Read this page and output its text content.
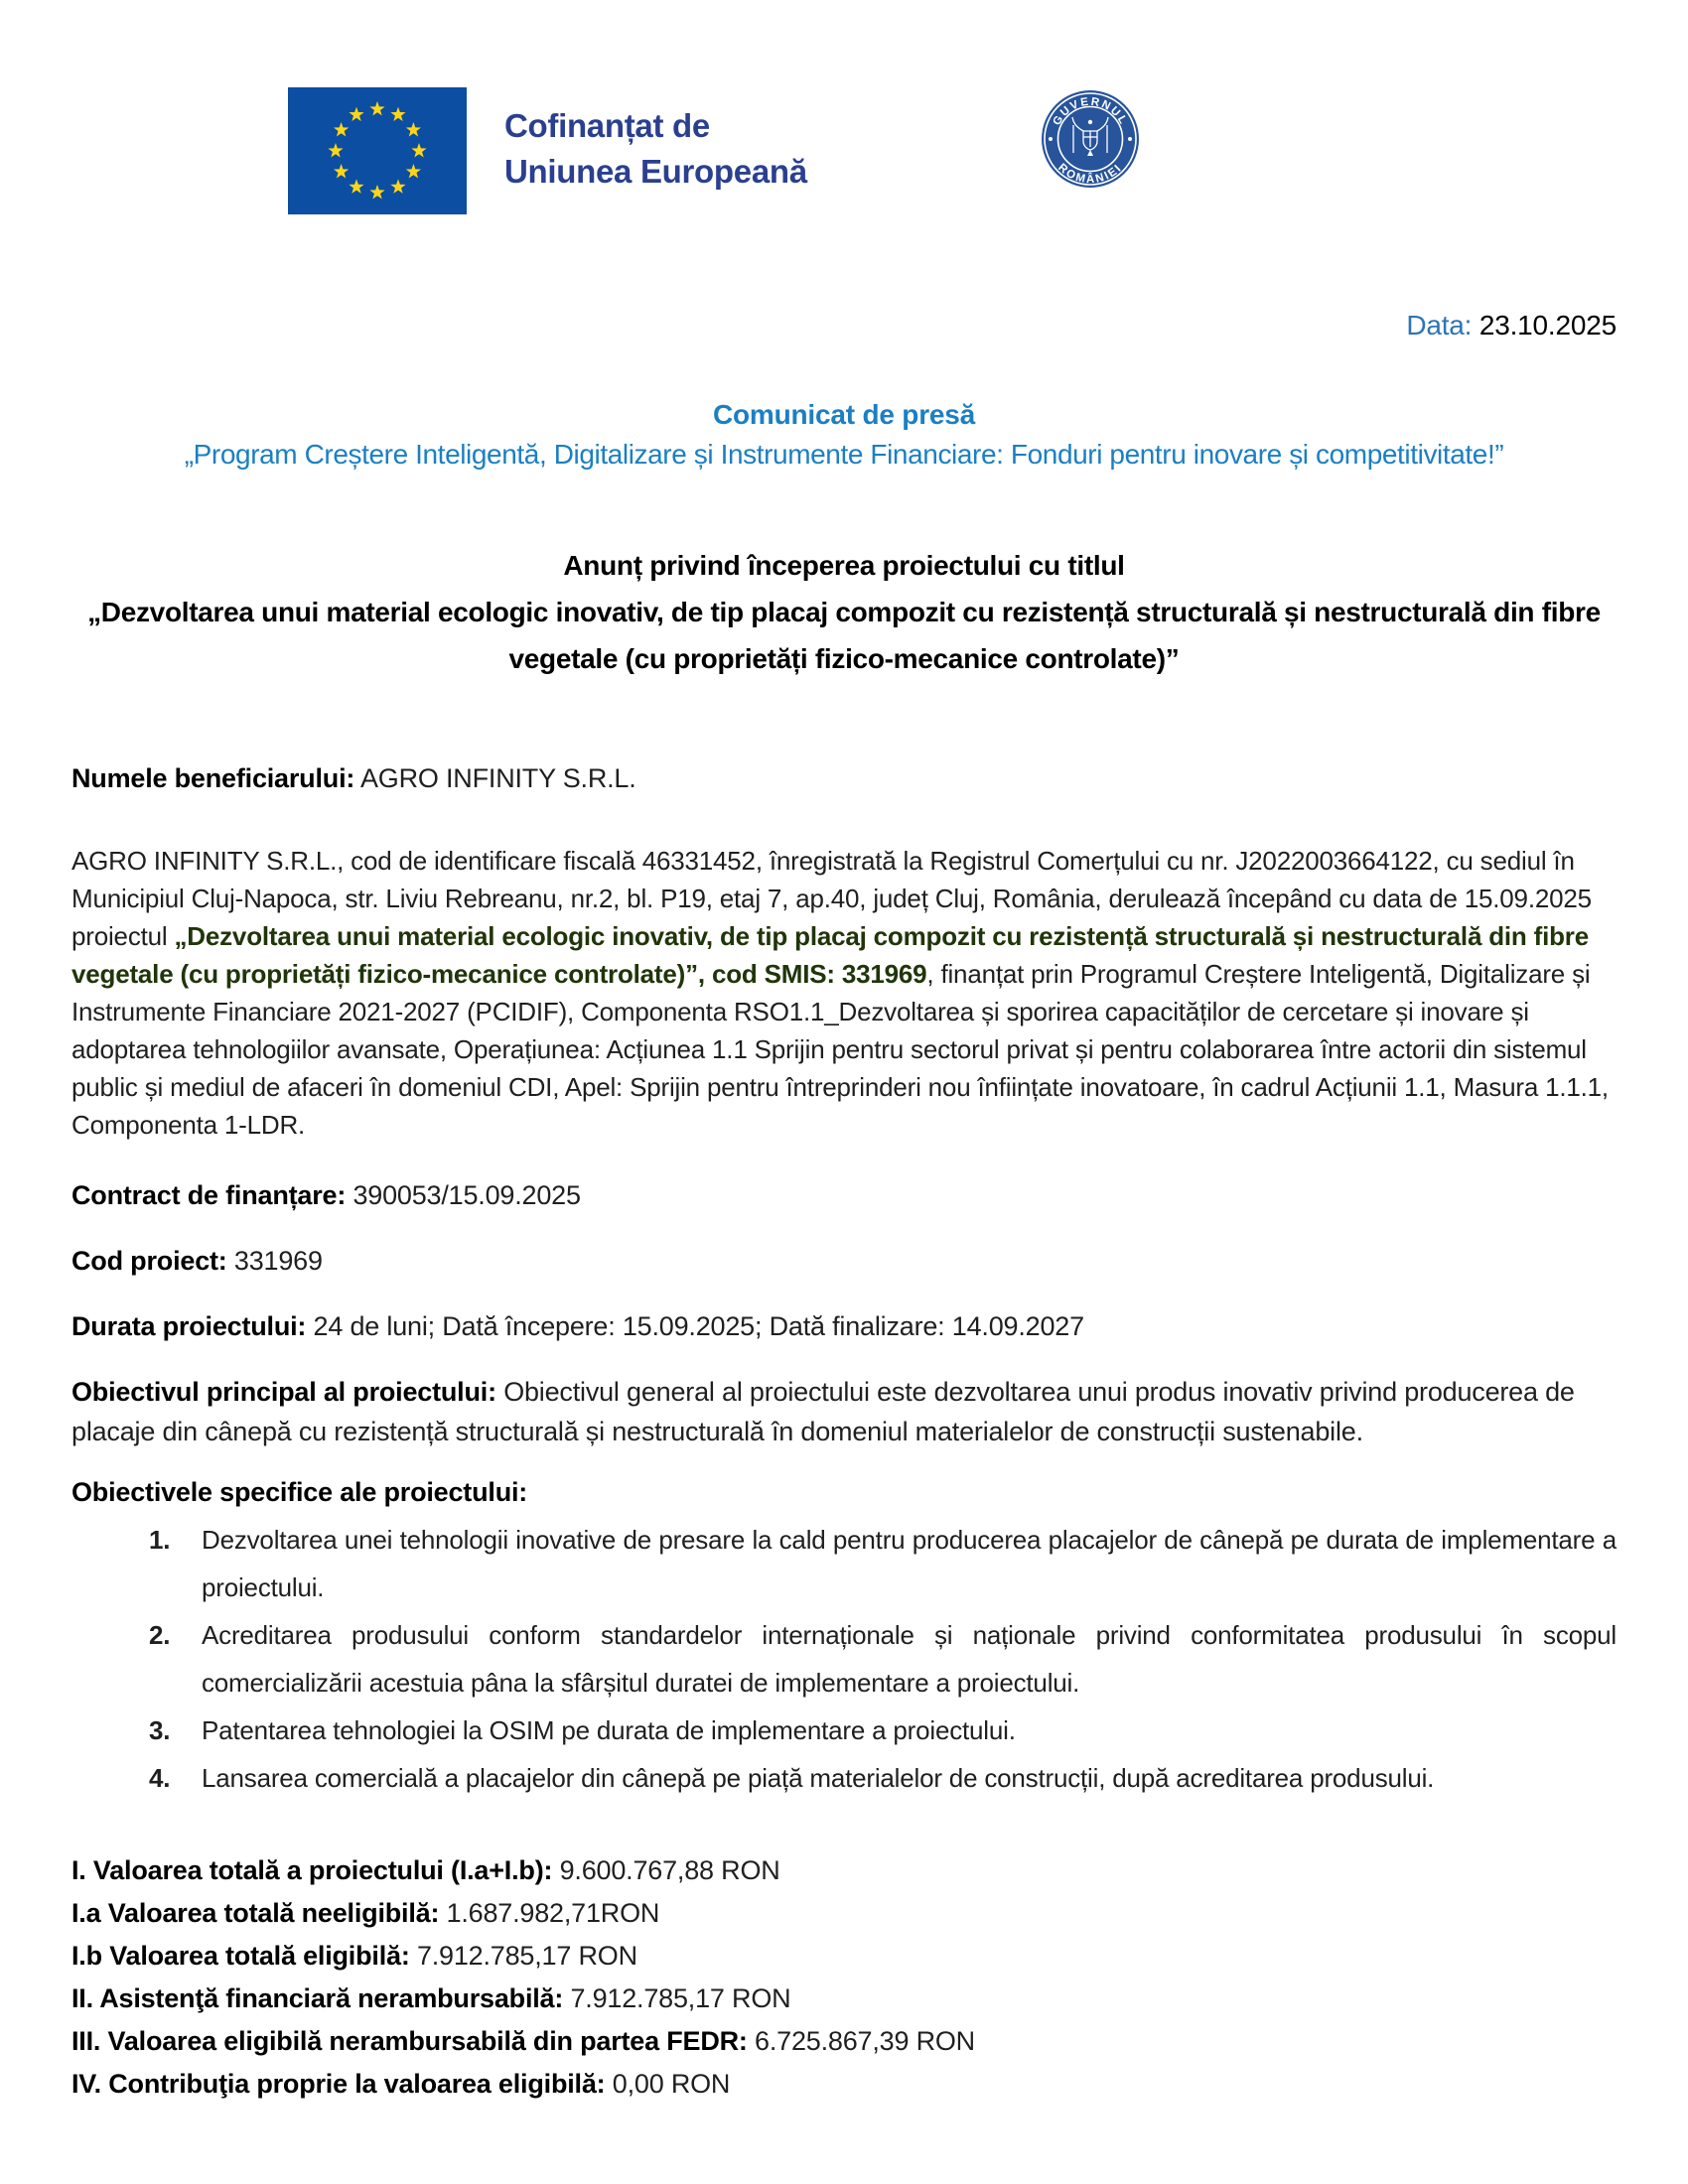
Cofinanțat de
Uniunea Europeană
GUVERNUL
ROMÂNIEI
Data: 23.10.2025
Comunicat de presă
„Program Creștere Inteligentă, Digitalizare și Instrumente Financiare: Fonduri pentru inovare și competitivitate!”
Anunț privind începerea proiectului cu titlul
„Dezvoltarea unui material ecologic inovativ, de tip placaj compozit cu rezistență structurală și nestructurală din fibre vegetale (cu proprietăți fizico-mecanice controlate)”

Numele beneficiarului: AGRO INFINITY S.R.L.

AGRO INFINITY S.R.L., cod de identificare fiscală 46331452, înregistrată la Registrul Comerțului cu nr. J2022003664122, cu sediul în Municipiul Cluj-Napoca, str. Liviu Rebreanu, nr.2, bl. P19, etaj 7, ap.40, județ Cluj, România, derulează începând cu data de 15.09.2025 proiectul „Dezvoltarea unui material ecologic inovativ, de tip placaj compozit cu rezistență structurală și nestructurală din fibre vegetale (cu proprietăți fizico-mecanice controlate)”, cod SMIS: 331969, finanțat prin Programul Creștere Inteligentă, Digitalizare și Instrumente Financiare 2021-2027 (PCIDIF), Componenta RSO1.1_Dezvoltarea și sporirea capacităților de cercetare și inovare și adoptarea tehnologiilor avansate, Operațiunea: Acțiunea 1.1 Sprijin pentru sectorul privat și pentru colaborarea între actorii din sistemul public și mediul de afaceri în domeniul CDI, Apel: Sprijin pentru întreprinderi nou înființate inovatoare, în cadrul Acțiunii 1.1, Masura 1.1.1, Componenta 1-LDR.

Contract de finanțare: 390053/15.09.2025

Cod proiect: 331969

Durata proiectului: 24 de luni; Dată începere: 15.09.2025; Dată finalizare: 14.09.2027

Obiectivul principal al proiectului: Obiectivul general al proiectului este dezvoltarea unui produs inovativ privind producerea de placaje din cânepă cu rezistență structurală și nestructurală în domeniul materialelor de construcții sustenabile.

Obiectivele specifice ale proiectului:

1.	Dezvoltarea unei tehnologii inovative de presare la cald pentru producerea placajelor de cânepă pe durata de implementare a proiectului.
2.	Acreditarea produsului conform standardelor internaționale și naționale privind conformitatea produsului în scopul comercializării acestuia pâna la sfârșitul duratei de implementare a proiectului.
3.	Patentarea tehnologiei la OSIM pe durata de implementare a proiectului.
4.	Lansarea comercială a placajelor din cânepă pe piață materialelor de construcții, după acreditarea produsului.
I. Valoarea totală a proiectului (I.a+I.b): 9.600.767,88 RON
I.a Valoarea totală neeligibilă: 1.687.982,71RON
I.b Valoarea totală eligibilă: 7.912.785,17 RON
II. Asistenţă financiară nerambursabilă: 7.912.785,17 RON
III. Valoarea eligibilă nerambursabilă din partea FEDR: 6.725.867,39 RON
IV. Contribuţia proprie la valoarea eligibilă: 0,00 RON
